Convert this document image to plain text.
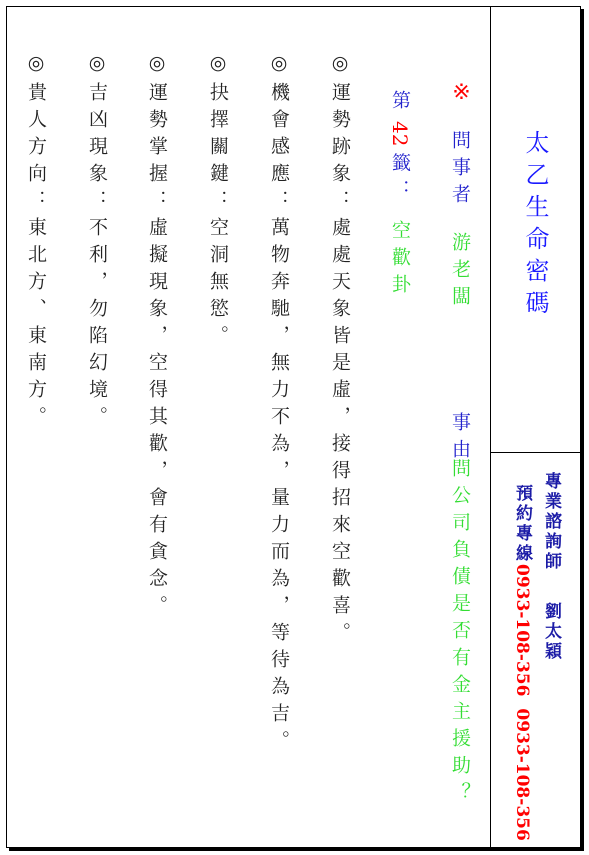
太乙生命密碼
專業諮詢師劉太穎
預約專線0933-108-3560933-108-356
※
問事者
游老闆
事由
問公司負債是否有金主援助？
第42籤：空歡卦
◎運勢跡象：處處天象皆是虛，接得招來空歡喜。
◎機會感應：萬物奔馳，無力不為，量力而為，等待為吉。
◎抉擇關鍵：空洞無慾。
◎運勢掌握：虛擬現象，空得其歡，會有貪念。
◎吉凶現象：不利，勿陷幻境。
◎貴人方向：東北方、東南方。
